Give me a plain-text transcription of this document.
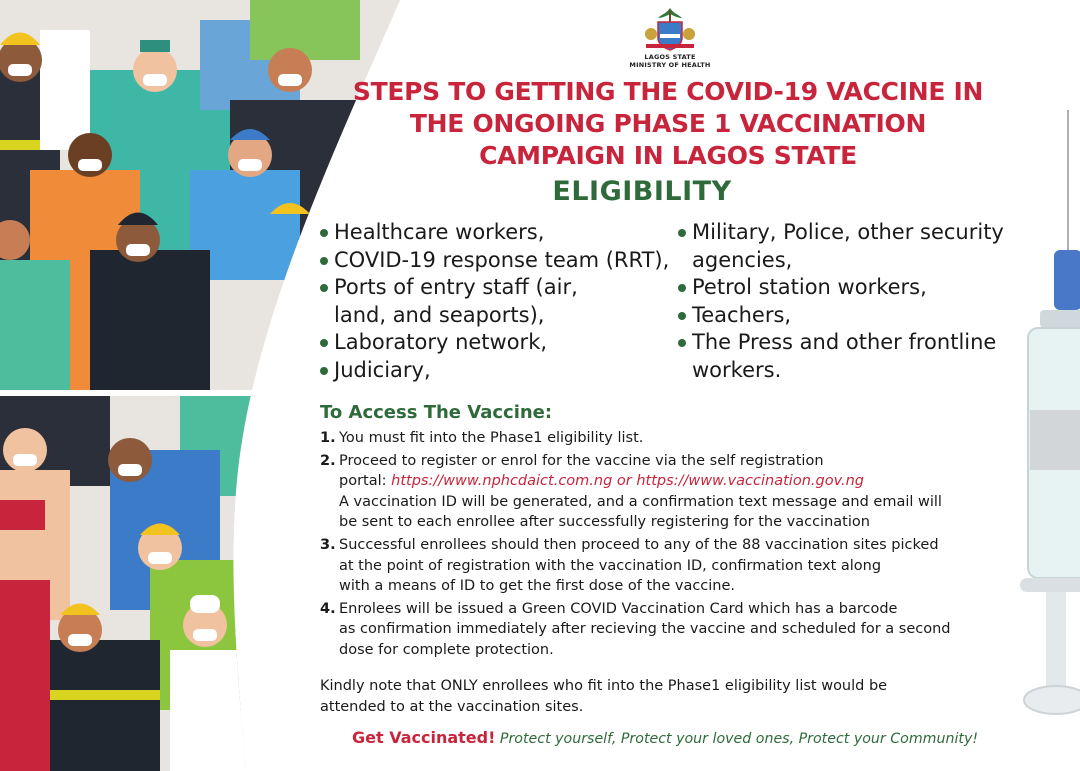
LAGOS STATE
MINISTRY OF HEALTH
STEPS TO GETTING THE COVID-19 VACCINE IN
THE ONGOING PHASE 1 VACCINATION
CAMPAIGN IN LAGOS STATE
ELIGIBILITY
Healthcare workers,
COVID-19 response team (RRT),
Ports of entry staff (air,
land, and seaports),
Laboratory network,
Judiciary,
Military, Police, other security
agencies,
Petrol station workers,
Teachers,
The Press and other frontline
workers.
To Access The Vaccine:
1. You must fit into the Phase1 eligibility list.
2. Proceed to register or enrol for the vaccine via the self registration
portal: https://www.nphcdaict.com.ng or https://www.vaccination.gov.ng
A vaccination ID will be generated, and a confirmation text message and email will
be sent to each enrollee after successfully registering for the vaccination
3. Successful enrollees should then proceed to any of the 88 vaccination sites picked
at the point of registration with the vaccination ID, confirmation text along
with a means of ID to get the first dose of the vaccine.
4. Enrolees will be issued a Green COVID Vaccination Card which has a barcode
as confirmation immediately after recieving the vaccine and scheduled for a second
dose for complete protection.
Kindly note that ONLY enrollees who fit into the Phase1 eligibility list would be
attended to at the vaccination sites.
Get Vaccinated! Protect yourself, Protect your loved ones, Protect your Community!
